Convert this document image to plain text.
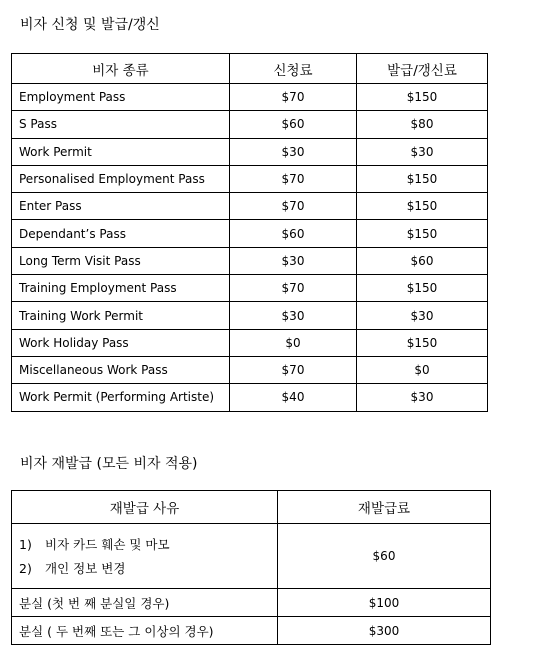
비자 신청 및 발급/갱신
비자 종류	신청료	발급/갱신료
Employment Pass	$70	$150
S Pass	$60	$80
Work Permit	$30	$30
Personalised Employment Pass	$70	$150
Enter Pass	$70	$150
Dependant’s Pass	$60	$150
Long Term Visit Pass	$30	$60
Training Employment Pass	$70	$150
Training Work Permit	$30	$30
Work Holiday Pass	$0	$150
Miscellaneous Work Pass	$70	$0
Work Permit (Performing Artiste)	$40	$30
비자 재발급 (모든 비자 적용)
재발급 사유	재발급료

1) 비자 카드 훼손 및 마모
2) 개인 정보 변경	$60
분실 (첫 번 째 분실일 경우)	$100
분실 ( 두 번째 또는 그 이상의 경우)	$300
